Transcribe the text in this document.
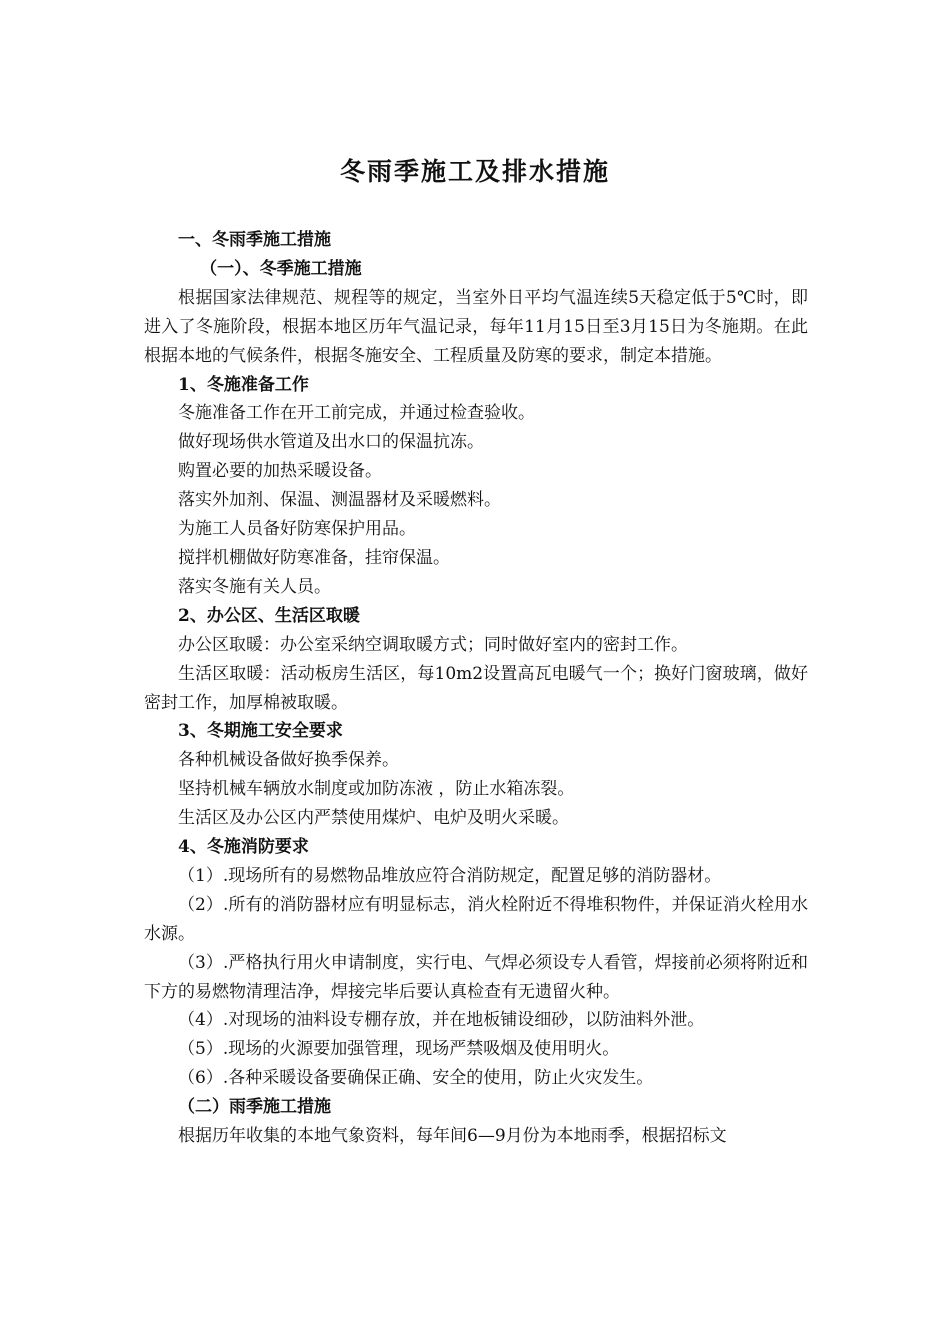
冬雨季施工及排水措施

一、冬雨季施工措施

（一）、冬季施工措施

根据国家法律规范、规程等的规定，当室外日平均气温连续5天稳定低于5℃时，即进入了冬施阶段，根据本地区历年气温记录，每年11月15日至3月15日为冬施期。在此根据本地的气候条件，根据冬施安全、工程质量及防寒的要求，制定本措施。

1、冬施准备工作

冬施准备工作在开工前完成，并通过检查验收。

做好现场供水管道及出水口的保温抗冻。

购置必要的加热采暖设备。

落实外加剂、保温、测温器材及采暖燃料。

为施工人员备好防寒保护用品。

搅拌机棚做好防寒准备，挂帘保温。

落实冬施有关人员。

2、办公区、生活区取暖

办公区取暖：办公室采纳空调取暖方式；同时做好室内的密封工作。

生活区取暖：活动板房生活区，每10m2设置高瓦电暖气一个；换好门窗玻璃，做好密封工作，加厚棉被取暖。

3、冬期施工安全要求

各种机械设备做好换季保养。

坚持机械车辆放水制度或加防冻液 ，防止水箱冻裂。

生活区及办公区内严禁使用煤炉、电炉及明火采暖。

4、冬施消防要求

（1）.现场所有的易燃物品堆放应符合消防规定，配置足够的消防器材。

（2）.所有的消防器材应有明显标志，消火栓附近不得堆积物件，并保证消火栓用水水源。

（3）.严格执行用火申请制度，实行电、气焊必须设专人看管，焊接前必须将附近和下方的易燃物清理洁净，焊接完毕后要认真检查有无遗留火种。

（4）.对现场的油料设专棚存放，并在地板铺设细砂，以防油料外泄。

（5）.现场的火源要加强管理，现场严禁吸烟及使用明火。

（6）.各种采暖设备要确保正确、安全的使用，防止火灾发生。

（二）雨季施工措施

根据历年收集的本地气象资料，每年间6—9月份为本地雨季，根据招标文
